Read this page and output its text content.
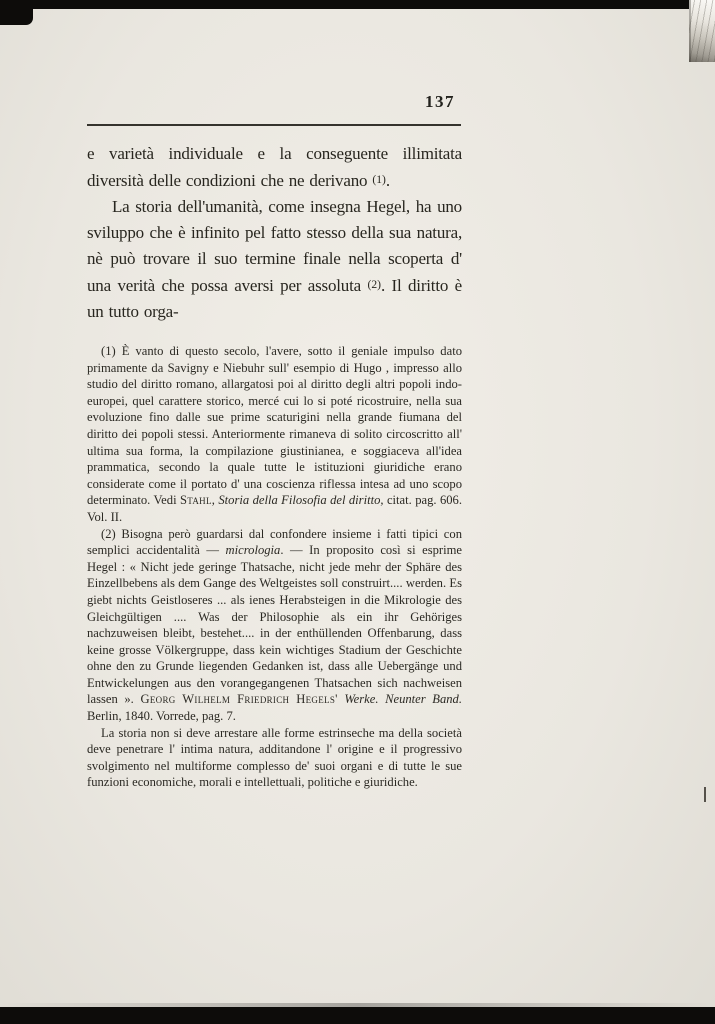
137

e varietà individuale e la conseguente illimitata diversità delle condizioni che ne derivano $^{(1)}$.

La storia dell'umanità, come insegna Hegel, ha uno sviluppo che è infinito pel fatto stesso della sua natura, nè può trovare il suo termine finale nella scoperta d' una verità che possa aversi per assoluta $^{(2)}$. Il diritto è un tutto orga-

(1) È vanto di questo secolo, l'avere, sotto il geniale impulso dato primamente da Savigny e Niebuhr sull' esempio di Hugo , impresso allo studio del diritto romano, allargatosi poi al diritto degli altri popoli indo-europei, quel carattere storico, mercé cui lo si poté ricostruire, nella sua evoluzione fino dalle sue prime scaturigini nella grande fiumana del diritto dei popoli stessi. Anteriormente rimaneva di solito circoscritto all' ultima sua forma, la compilazione giustinianea, e soggiaceva all'idea prammatica, secondo la quale tutte le istituzioni giuridiche erano considerate come il portato d' una coscienza riflessa intesa ad uno scopo determinato. Vedi Stahl, Storia della Filosofia del diritto, citat. pag. 606. Vol. II.

(2) Bisogna però guardarsi dal confondere insieme i fatti tipici con semplici accidentalità — micrologia. — In proposito così si esprime Hegel : « Nicht jede geringe Thatsache, nicht jede mehr der Sphäre des Einzellbebens als dem Gange des Weltgeistes soll construirt.... werden. Es giebt nichts Geistloseres ... als ienes Herabsteigen in die Mikrologie des Gleichgültigen .... Was der Philosophie als ein ihr Gehöriges nachzuweisen bleibt, bestehet.... in der enthüllenden Offenbarung, dass keine grosse Völkergruppe, dass kein wichtiges Stadium der Geschichte ohne den zu Grunde liegenden Gedanken ist, dass alle Uebergänge und Entwickelungen aus den vorangegangenen Thatsachen sich nachweisen lassen ». Georg Wilhelm Friedrich Hegels' Werke. Neunter Band. Berlin, 1840. Vorrede, pag. 7.

La storia non si deve arrestare alle forme estrinseche ma della società deve penetrare l' intima natura, additandone l' origine e il progressivo svolgimento nel multiforme complesso de' suoi organi e di tutte le sue funzioni economiche, morali e intellettuali, politiche e giuridiche.
